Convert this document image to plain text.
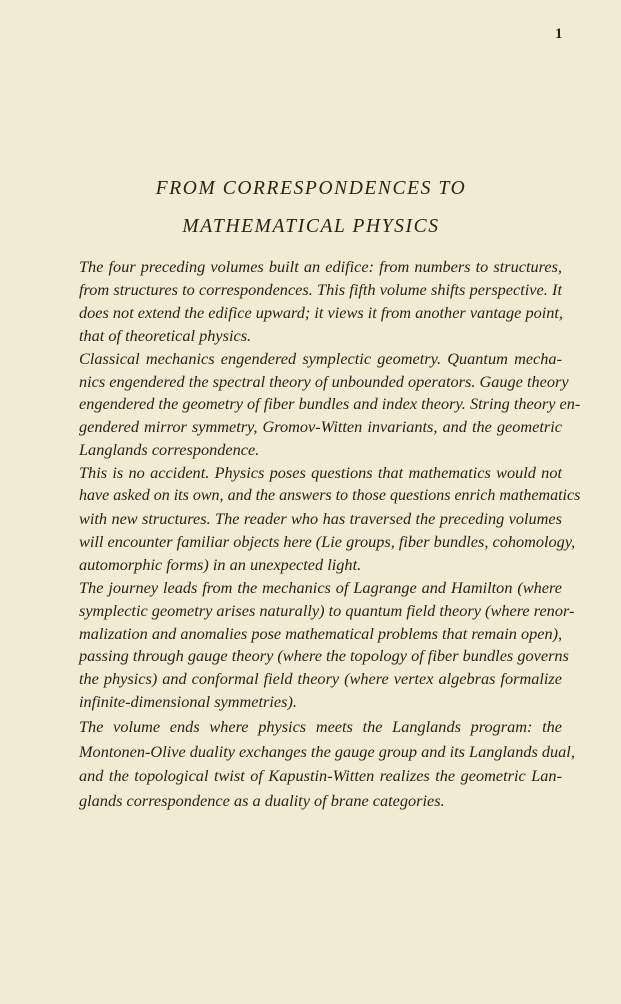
1
FROM CORRESPONDENCES TO
MATHEMATICAL PHYSICS

The four preceding volumes built an edifice: from numbers to structures,
from structures to correspondences. This fifth volume shifts perspective. It
does not extend the edifice upward; it views it from another vantage point,
that of theoretical physics.

Classical mechanics engendered symplectic geometry. Quantum mecha-
nics engendered the spectral theory of unbounded operators. Gauge theory
engendered the geometry of fiber bundles and index theory. String theory en-
gendered mirror symmetry, Gromov-Witten invariants, and the geometric
Langlands correspondence.

This is no accident. Physics poses questions that mathematics would not
have asked on its own, and the answers to those questions enrich mathematics
with new structures. The reader who has traversed the preceding volumes
will encounter familiar objects here (Lie groups, fiber bundles, cohomology,
automorphic forms) in an unexpected light.

The journey leads from the mechanics of Lagrange and Hamilton (where
symplectic geometry arises naturally) to quantum field theory (where renor-
malization and anomalies pose mathematical problems that remain open),
passing through gauge theory (where the topology of fiber bundles governs
the physics) and conformal field theory (where vertex algebras formalize
infinite-dimensional symmetries).

The volume ends where physics meets the Langlands program: the
Montonen-Olive duality exchanges the gauge group and its Langlands dual,
and the topological twist of Kapustin-Witten realizes the geometric Lan-
glands correspondence as a duality of brane categories.
